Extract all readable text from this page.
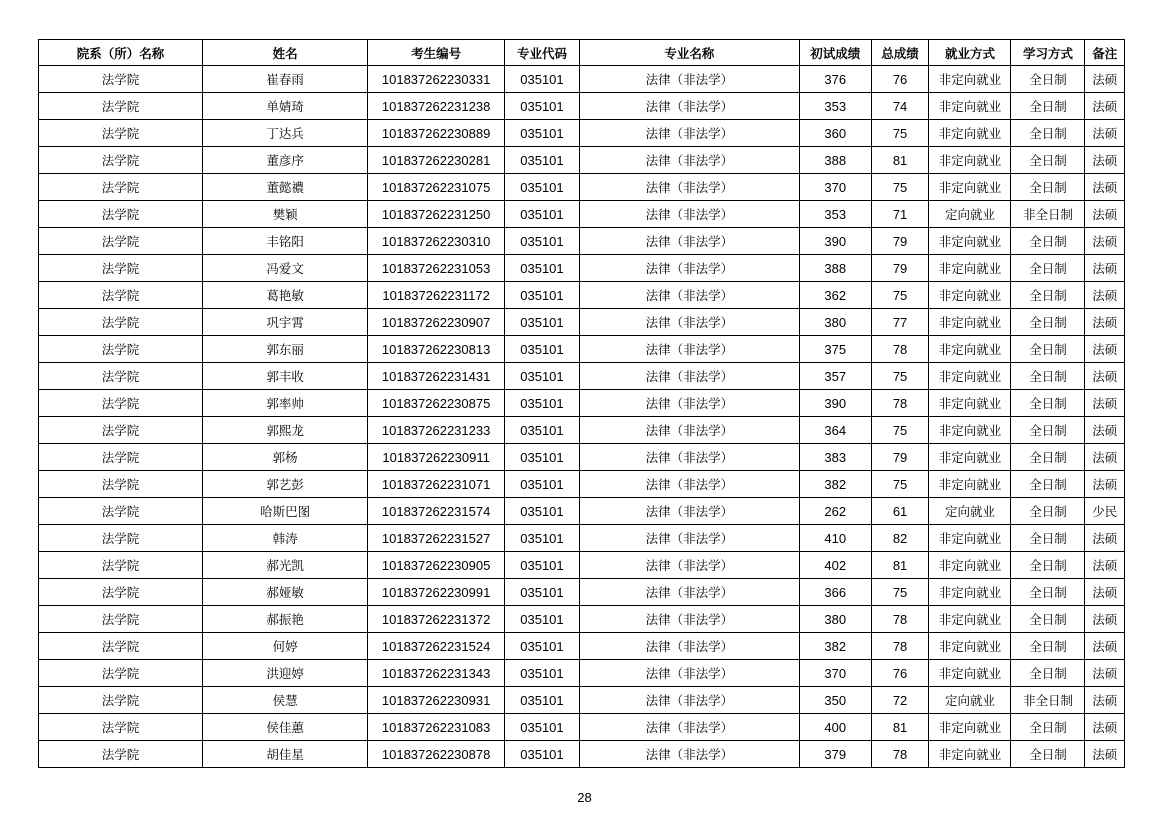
院系（所）名称	姓名	考生编号	专业代码	专业名称	初试成绩	总成绩	就业方式	学习方式	备注
法学院	崔春雨	101837262230331	035101	法律（非法学）	376	76	非定向就业	全日制	法硕
法学院	单婧琦	101837262231238	035101	法律（非法学）	353	74	非定向就业	全日制	法硕
法学院	丁达兵	101837262230889	035101	法律（非法学）	360	75	非定向就业	全日制	法硕
法学院	董彦序	101837262230281	035101	法律（非法学）	388	81	非定向就业	全日制	法硕
法学院	董懿禯	101837262231075	035101	法律（非法学）	370	75	非定向就业	全日制	法硕
法学院	樊颖	101837262231250	035101	法律（非法学）	353	71	定向就业	非全日制	法硕
法学院	丰铭阳	101837262230310	035101	法律（非法学）	390	79	非定向就业	全日制	法硕
法学院	冯爱文	101837262231053	035101	法律（非法学）	388	79	非定向就业	全日制	法硕
法学院	葛艳敏	101837262231172	035101	法律（非法学）	362	75	非定向就业	全日制	法硕
法学院	巩宇霄	101837262230907	035101	法律（非法学）	380	77	非定向就业	全日制	法硕
法学院	郭东丽	101837262230813	035101	法律（非法学）	375	78	非定向就业	全日制	法硕
法学院	郭丰收	101837262231431	035101	法律（非法学）	357	75	非定向就业	全日制	法硕
法学院	郭率帅	101837262230875	035101	法律（非法学）	390	78	非定向就业	全日制	法硕
法学院	郭熙龙	101837262231233	035101	法律（非法学）	364	75	非定向就业	全日制	法硕
法学院	郭杨	101837262230911	035101	法律（非法学）	383	79	非定向就业	全日制	法硕
法学院	郭艺彭	101837262231071	035101	法律（非法学）	382	75	非定向就业	全日制	法硕
法学院	哈斯巴图	101837262231574	035101	法律（非法学）	262	61	定向就业	全日制	少民
法学院	韩涛	101837262231527	035101	法律（非法学）	410	82	非定向就业	全日制	法硕
法学院	郝光凯	101837262230905	035101	法律（非法学）	402	81	非定向就业	全日制	法硕
法学院	郝娅敏	101837262230991	035101	法律（非法学）	366	75	非定向就业	全日制	法硕
法学院	郝振艳	101837262231372	035101	法律（非法学）	380	78	非定向就业	全日制	法硕
法学院	何婷	101837262231524	035101	法律（非法学）	382	78	非定向就业	全日制	法硕
法学院	洪迎婷	101837262231343	035101	法律（非法学）	370	76	非定向就业	全日制	法硕
法学院	侯慧	101837262230931	035101	法律（非法学）	350	72	定向就业	非全日制	法硕
法学院	侯佳蕙	101837262231083	035101	法律（非法学）	400	81	非定向就业	全日制	法硕
法学院	胡佳星	101837262230878	035101	法律（非法学）	379	78	非定向就业	全日制	法硕
28
